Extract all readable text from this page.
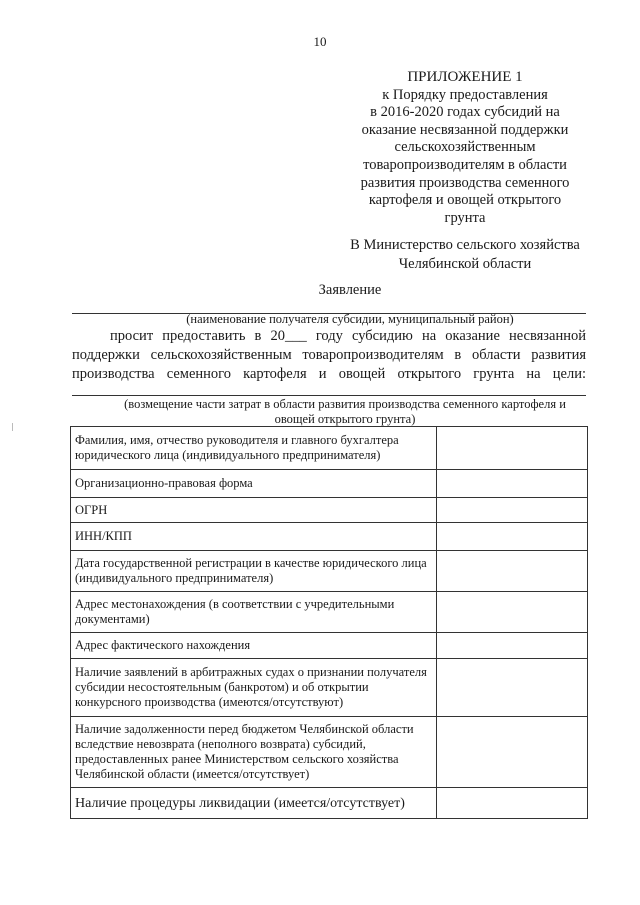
10
ПРИЛОЖЕНИЕ 1
к Порядку предоставления
в 2016-2020 годах субсидий на
оказание несвязанной поддержки
сельскохозяйственным
товаропроизводителям в области
развития производства семенного
картофеля и овощей открытого
грунта
В Министерство сельского хозяйства
Челябинской области
Заявление
(наименование получателя субсидии, муниципальный район)
просит предоставить в 20___ году субсидию на оказание несвязанной
поддержки сельскохозяйственным товаропроизводителям в области развития
производства семенного картофеля и овощей открытого грунта на цели:
(возмещение части затрат в области развития производства семенного картофеля и овощей открытого грунта)
Фамилия, имя, отчество руководителя и главного бухгалтера юридического лица (индивидуального предпринимателя)	
Организационно-правовая форма	
ОГРН	
ИНН/КПП	
Дата государственной регистрации в качестве юридического лица (индивидуального предпринимателя)	
Адрес местонахождения (в соответствии с учредительными документами)	
Адрес фактического нахождения	
Наличие заявлений в арбитражных судах о признании получателя субсидии несостоятельным (банкротом) и об открытии конкурсного производства (имеются/отсутствуют)	
Наличие задолженности перед бюджетом Челябинской области вследствие невозврата (неполного возврата) субсидий, предоставленных ранее Министерством сельского хозяйства Челябинской области (имеется/отсутствует)	
Наличие процедуры ликвидации (имеется/отсутствует)	
